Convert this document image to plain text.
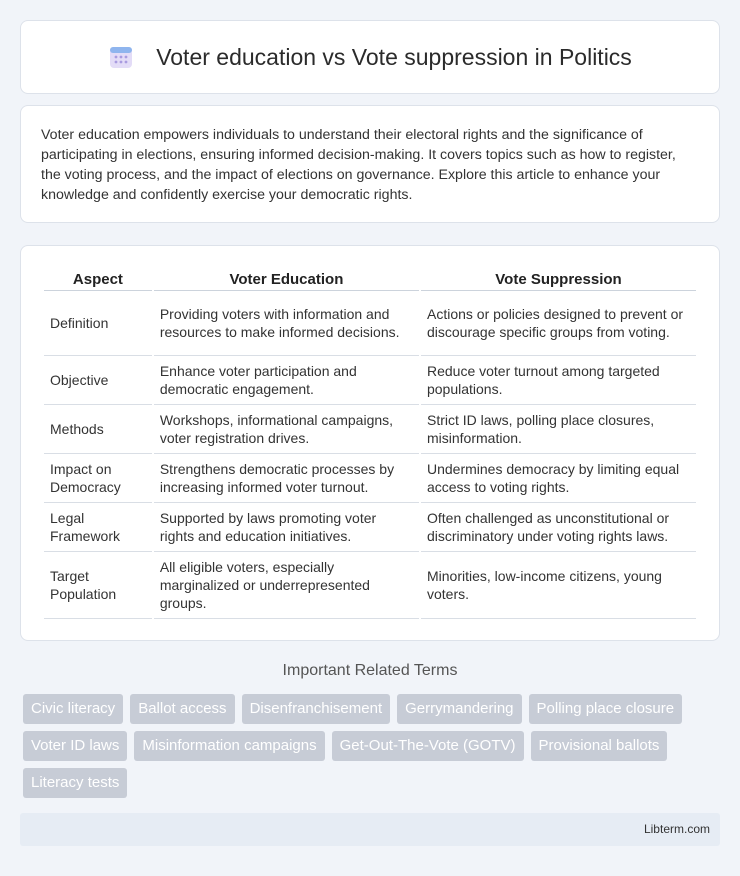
Voter education vs Vote suppression in Politics

Voter education empowers individuals to understand their electoral rights and the significance of participating in elections, ensuring informed decision-making. It covers topics such as how to register, the voting process, and the impact of elections on governance. Explore this article to enhance your knowledge and confidently exercise your democratic rights.

Aspect	Voter Education	Vote Suppression
Definition	Providing voters with information and resources to make informed decisions.	Actions or policies designed to prevent or discourage specific groups from voting.
Objective	Enhance voter participation and democratic engagement.	Reduce voter turnout among targeted populations.
Methods	Workshops, informational campaigns, voter registration drives.	Strict ID laws, polling place closures, misinformation.
Impact on Democracy	Strengthens democratic processes by increasing informed voter turnout.	Undermines democracy by limiting equal access to voting rights.
Legal Framework	Supported by laws promoting voter rights and education initiatives.	Often challenged as unconstitutional or discriminatory under voting rights laws.
Target Population	All eligible voters, especially marginalized or underrepresented groups.	Minorities, low-income citizens, young voters.
Important Related Terms
Civic literacy	Ballot access	Disenfranchisement	Gerrymandering	Polling place closure
Voter ID laws	Misinformation campaigns	Get-Out-The-Vote (GOTV)	Provisional ballots
Literacy tests
Libterm.com
